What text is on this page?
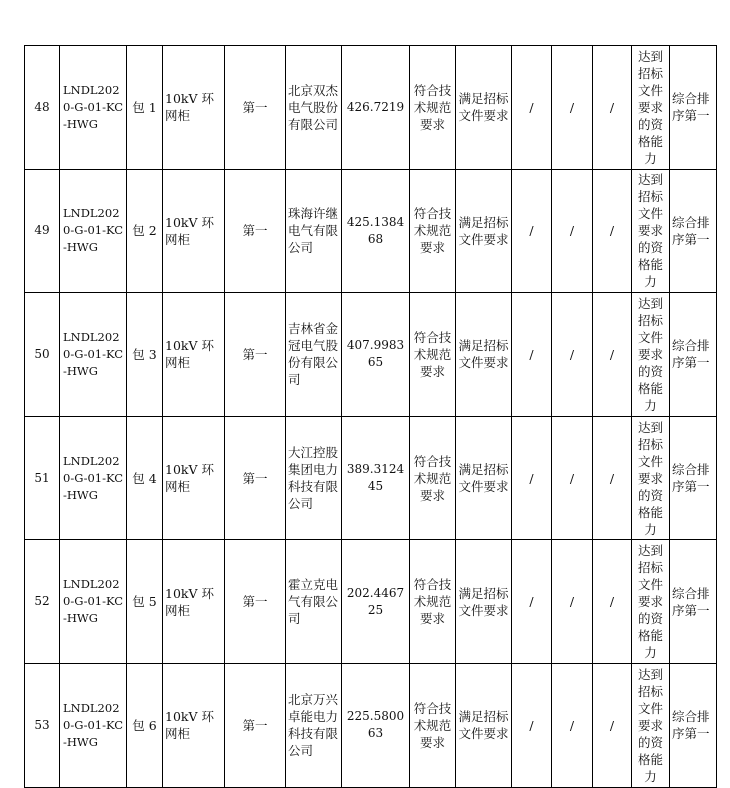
48	LNDL2020-G-01-KC-HWG	包 1	10kV 环网柜	第一	北京双杰电气股份有限公司	426.7219	符合技术规范要求	满足招标文件要求	/	/	/	达到招标文件要求的资格能力	综合排序第一
49	LNDL2020-G-01-KC-HWG	包 2	10kV 环网柜	第一	珠海许继电气有限公司	425.138468	符合技术规范要求	满足招标文件要求	/	/	/	达到招标文件要求的资格能力	综合排序第一
50	LNDL2020-G-01-KC-HWG	包 3	10kV 环网柜	第一	吉林省金冠电气股份有限公司	407.998365	符合技术规范要求	满足招标文件要求	/	/	/	达到招标文件要求的资格能力	综合排序第一
51	LNDL2020-G-01-KC-HWG	包 4	10kV 环网柜	第一	大江控股集团电力科技有限公司	389.312445	符合技术规范要求	满足招标文件要求	/	/	/	达到招标文件要求的资格能力	综合排序第一
52	LNDL2020-G-01-KC-HWG	包 5	10kV 环网柜	第一	霍立克电气有限公司	202.446725	符合技术规范要求	满足招标文件要求	/	/	/	达到招标文件要求的资格能力	综合排序第一
53	LNDL2020-G-01-KC-HWG	包 6	10kV 环网柜	第一	北京万兴卓能电力科技有限公司	225.580063	符合技术规范要求	满足招标文件要求	/	/	/	达到招标文件要求的资格能力	综合排序第一
